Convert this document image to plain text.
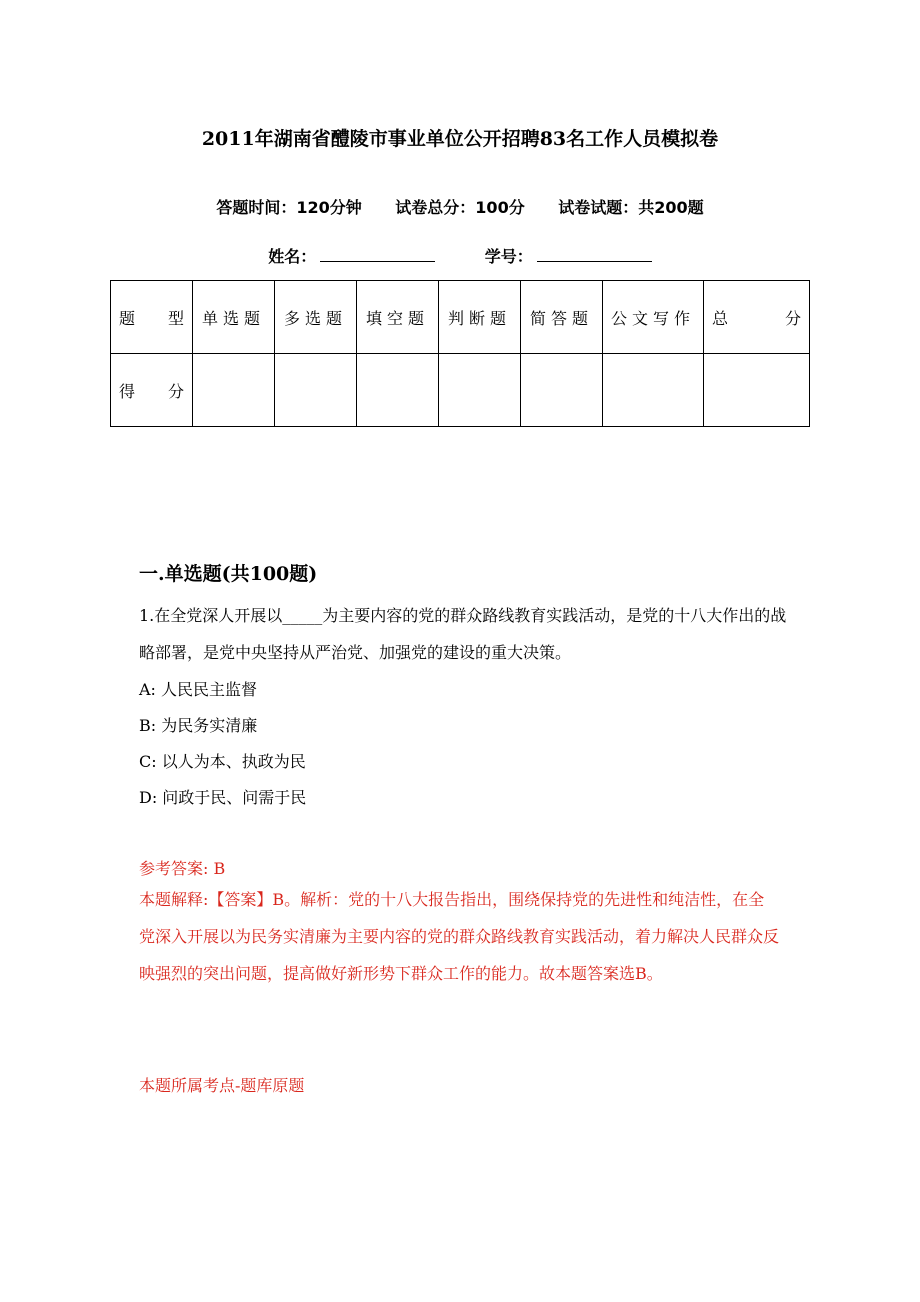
2011年湖南省醴陵市事业单位公开招聘83名工作人员模拟卷
答题时间：120分钟 试卷总分：100分 试卷试题：共200题
姓名：	学号：
题 型	单选题	多选题	填空题	判断题	简答题	公文写作	总 分

得 分							

一.单选题(共100题)
1.在全党深人开展以_____为主要内容的党的群众路线教育实践活动，是党的十八大作出的战略部署，是党中央坚持从严治党、加强党的建设的重大决策。
A: 人民民主监督
B: 为民务实清廉
C: 以人为本、执政为民
D: 问政于民、问需于民
参考答案: B
本题解释:【答案】B。解析：党的十八大报告指出，围绕保持党的先进性和纯洁性，在全党深入开展以为民务实清廉为主要内容的党的群众路线教育实践活动，着力解决人民群众反映强烈的突出问题，提高做好新形势下群众工作的能力。故本题答案选B。
本题所属考点-题库原题
